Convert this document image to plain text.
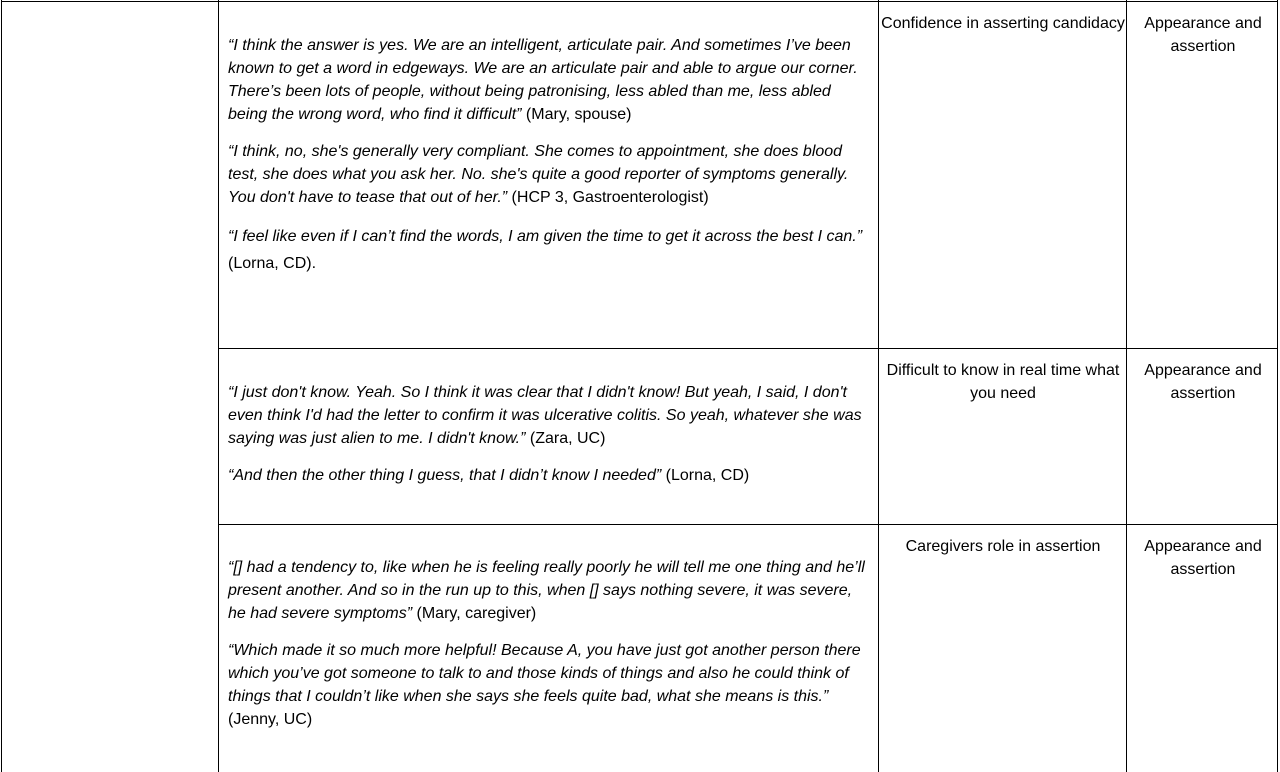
“I think the answer is yes. We are an intelligent, articulate pair. And sometimes I’ve been known to get a word in edgeways. We are an articulate pair and able to argue our corner. There’s been lots of people, without being patronising, less abled than me, less abled being the wrong word, who find it difficult” (Mary, spouse)

“I think, no, she's generally very compliant. She comes to appointment, she does blood test, she does what you ask her. No. she's quite a good reporter of symptoms generally. You don't have to tease that out of her.” (HCP 3, Gastroenterologist)

“I feel like even if I can’t find the words, I am given the time to get it across the best I can.” (Lorna, CD).

Confidence in asserting candidacy	Appearance and assertion

“I just don't know. Yeah. So I think it was clear that I didn't know! But yeah, I said, I don't even think I'd had the letter to confirm it was ulcerative colitis. So yeah, whatever she was saying was just alien to me. I didn't know.” (Zara, UC)

“And then the other thing I guess, that I didn’t know I needed” (Lorna, CD)

Difficult to know in real time what you need
Appearance and assertion

“[] had a tendency to, like when he is feeling really poorly he will tell me one thing and he’ll present another. And so in the run up to this, when [] says nothing severe, it was severe, he had severe symptoms” (Mary, caregiver)

“Which made it so much more helpful! Because A, you have just got another person there which you’ve got someone to talk to and those kinds of things and also he could think of things that I couldn’t like when she says she feels quite bad, what she means is this.” (Jenny, UC)

Caregivers role in assertion	Appearance and assertion
